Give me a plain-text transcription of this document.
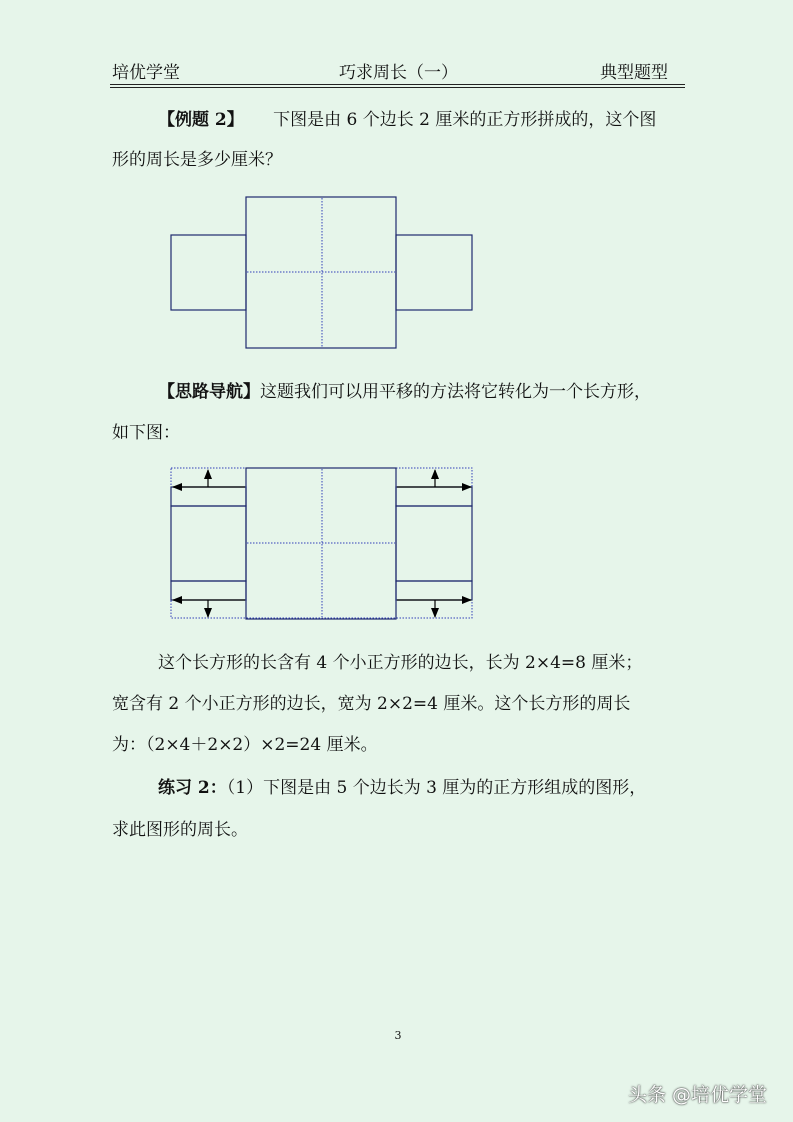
培优学堂	巧求周长（一）	典型题型
【例题 2】 下图是由 6 个边长 2 厘米的正方形拼成的，这个图
形的周长是多少厘米？
【思路导航】这题我们可以用平移的方法将它转化为一个长方形，
如下图：
这个长方形的长含有 4 个小正方形的边长，长为 2×4=8 厘米；
宽含有 2 个小正方形的边长，宽为 2×2=4 厘米。这个长方形的周长
为：（2×4＋2×2）×2=24 厘米。
练习 2：（1）下图是由 5 个边长为 3 厘为的正方形组成的图形，
求此图形的周长。
3
头条 @培优学堂
